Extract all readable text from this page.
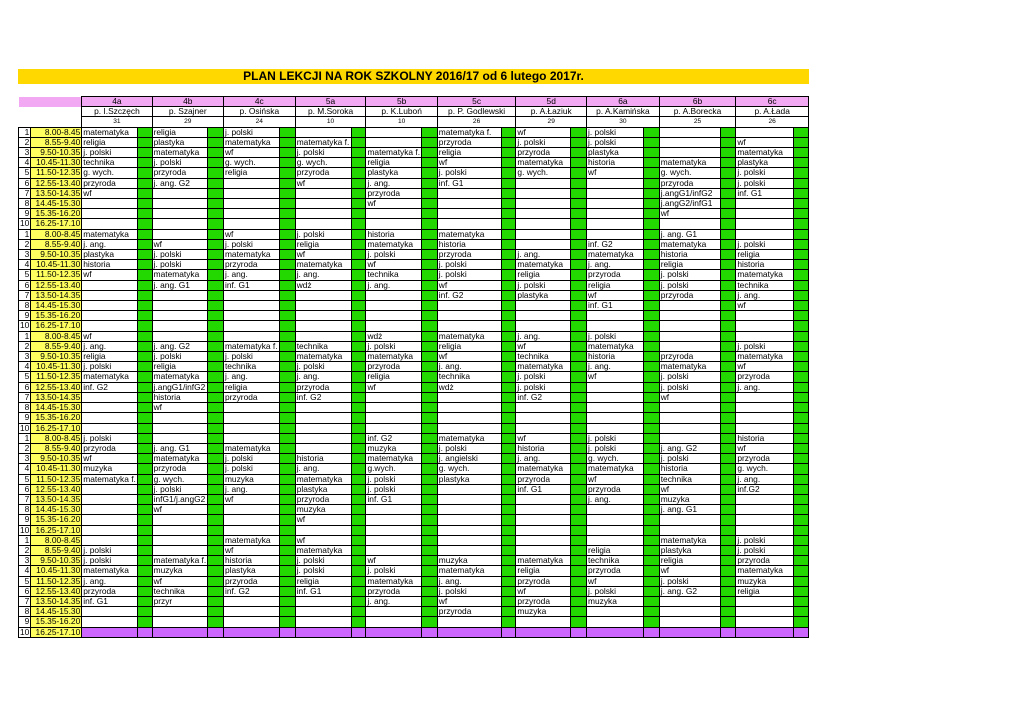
PLAN LEKCJI NA ROK SZKOLNY 2016/17 od 6 lutego 2017r.
		4a		4b		4c		5a		5b		5c		5d		6a		6b		6c	
		p. I.Szczęch		p. Szajner		p. Osińska		p. M.Soroka		p. K.Luboń		p. P. Godlewski		p. A.Łaziuk		p. A.Kamińska		p. A.Borecka		p. A.Łada	
		31		29		24		10		10		26		29		30		25		26	
1	8.00-8.45	matematyka		religia		j. polski						matematyka f.		wf		j. polski					
2	8.55-9.40	religia		plastyka		matematyka		matematyka f.				przyroda		j. polski		j. polski				wf	
3	9.50-10.35	j. polski		matematyka		wf		j. polski		matematyka f.		religia		przyroda		plastyka				matematyka	
4	10.45-11.30	technika		j. polski		g. wych.		g. wych.		religia		wf		matematyka		historia		matematyka		plastyka	
5	11.50-12.35	g. wych.		przyroda		religia		przyroda		plastyka		j. polski		g. wych.		wf		g. wych.		j. polski	
6	12.55-13.40	przyroda		j. ang. G2				wf		j. ang.		inf. G1						przyroda		j. polski	
7	13.50-14.35	wf								przyroda								j.angG1/infG2		inf. G1	
8	14.45-15.30									wf								j.angG2/infG1			
9	15.35-16.20																	wf			
10	16.25-17.10																				
1	8.00-8.45	matematyka				wf		j. polski		historia		matematyka						j. ang. G1			
2	8.55-9.40	j. ang.		wf		j. polski		religia		matematyka		historia				inf. G2		matematyka		j. polski	
3	9.50-10.35	plastyka		j. polski		matematyka		wf		j. polski		przyroda		j. ang.		matematyka		historia		religia	
4	10.45-11.30	historia		j. polski		przyroda		matematyka		wf		j. polski		matematyka		j. ang.		religia		historia	
5	11.50-12.35	wf		matematyka		j. ang.		j. ang.		technika		j. polski		religia		przyroda		j. polski		matematyka	
6	12.55-13.40			j. ang. G1		inf. G1		wdż		j. ang.		wf		j. polski		religia		j. polski		technika	
7	13.50-14.35											inf. G2		plastyka		wf		przyroda		j. ang.	
8	14.45-15.30															inf. G1				wf	
9	15.35-16.20																				
10	16.25-17.10																				
1	8.00-8.45	wf								wdż		matematyka		j. ang.		j. polski					
2	8.55-9.40	j. ang.		j. ang. G2		matematyka f.		technika		j. polski		religia		wf		matematyka				j. polski	
3	9.50-10.35	religia		j. polski		j. polski		matematyka		matematyka		wf		technika		historia		przyroda		matematyka	
4	10.45-11.30	j. polski		religia		technika		j. polski		przyroda		j. ang.		matematyka		j. ang.		matematyka		wf	
5	11.50-12.35	matematyka		matematyka		j. ang.		j. ang.		religia		technika		j. polski		wf		j. polski		przyroda	
6	12.55-13.40	inf. G2		j.angG1/infG2		religia		przyroda		wf		wdż		j. polski				j. polski		j. ang.	
7	13.50-14.35			historia		przyroda		inf. G2						inf. G2				wf			
8	14.45-15.30			wf																	
9	15.35-16.20																				
10	16.25-17.10																				
1	8.00-8.45	j. polski								inf. G2		matematyka		wf		j. polski				historia	
2	8.55-9.40	przyroda		j. ang. G1		matematyka				muzyka		j. polski		historia		j. polski		j. ang. G2		wf	
3	9.50-10.35	wf		matematyka		j. polski		historia		matematyka		j. angielski		j. ang.		g. wych.		j. polski		przyroda	
4	10.45-11.30	muzyka		przyroda		j. polski		j. ang.		g.wych.		g. wych.		matematyka		matematyka		historia		g. wych.	
5	11.50-12.35	matematyka f.		g. wych.		muzyka		matematyka		j. polski		plastyka		przyroda		wf		technika		j. ang.	
6	12.55-13.40			j. polski		j. ang.		plastyka		j. polski				inf. G1		przyroda		wf		inf.G2	
7	13.50-14.35			infG1/j.angG2		wf		przyroda		inf. G1						j. ang.		muzyka			
8	14.45-15.30			wf				muzyka										j. ang. G1			
9	15.35-16.20							wf													
10	16.25-17.10																				
1	8.00-8.45					matematyka		wf										matematyka		j. polski	
2	8.55-9.40	j. polski				wf		matematyka								religia		plastyka		j. polski	
3	9.50-10.35	j. polski		matematyka f.		historia		j. polski		wf		muzyka		matematyka		technika		religia		przyroda	
4	10.45-11.30	matematyka		muzyka		plastyka		j. polski		j. polski		matematyka		religia		przyroda		wf		matematyka	
5	11.50-12.35	j. ang.		wf		przyroda		religia		matematyka		j. ang.		przyroda		wf		j. polski		muzyka	
6	12.55-13.40	przyroda		technika		inf. G2		inf. G1		przyroda		j. polski		wf		j. polski		j. ang. G2		religia	
7	13.50-14.35	inf. G1		przyr						j. ang.		wf		przyroda		muzyka					
8	14.45-15.30											przyroda		muzyka							
9	15.35-16.20																				
10	16.25-17.10																				
